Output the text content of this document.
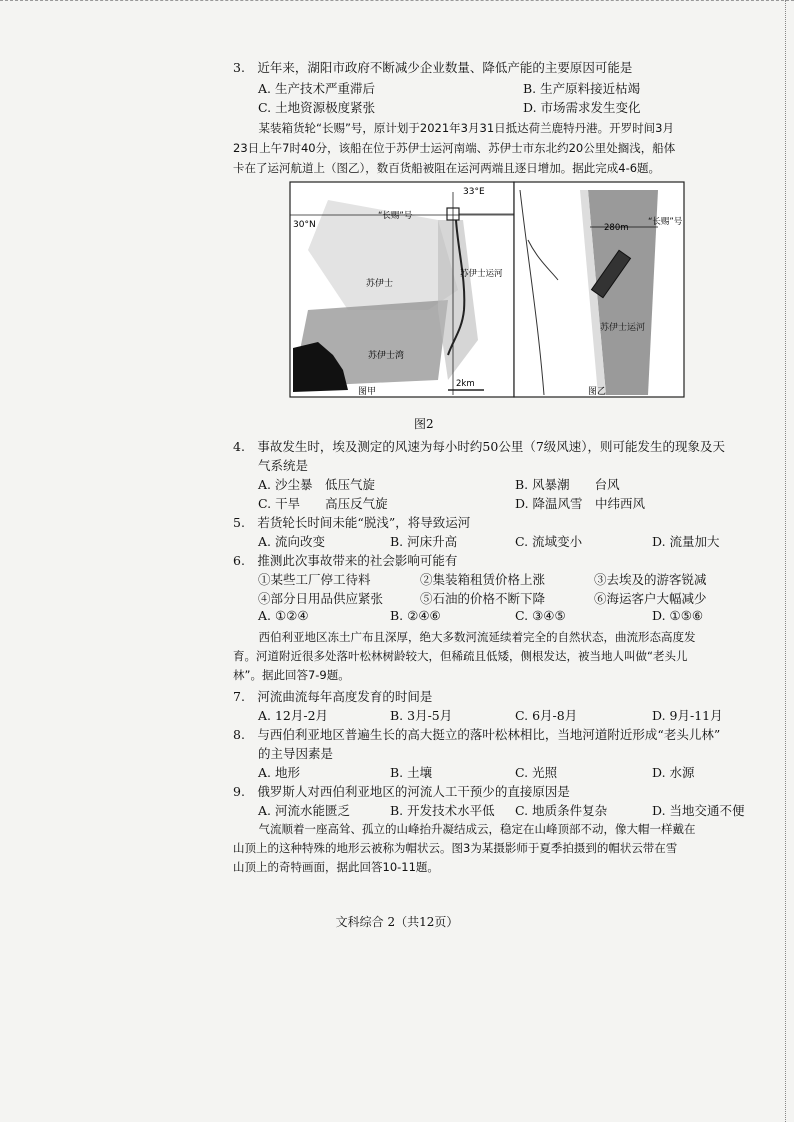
3.　近年来，湖阳市政府不断减少企业数量、降低产能的主要原因可能是
A. 生产技术严重滞后	B. 生产原料接近枯竭
C. 土地资源极度紧张	D. 市场需求发生变化
　某装箱货轮“长赐”号，原计划于2021年3月31日抵达荷兰鹿特丹港。开罗时间3月
23日上午7时40分，该船在位于苏伊士运河南端、苏伊士市东北约20公里处搁浅，船体
卡在了运河航道上（图乙），数百货船被阻在运河两端且逐日增加。据此完成4-6题。
33°E
30°N
“长赐”号
苏伊士
苏伊士运河
苏伊士湾
2km
图甲
280m
“长赐”号
苏伊士运河
图乙
图2
4.　事故发生时，埃及测定的风速为每小时约50公里（7级风速），则可能发生的现象及天
气系统是
A. 沙尘暴　低压气旋	B. 风暴潮　　台风
C. 干旱　　高压反气旋	D. 降温风雪　中纬西风
5.　若货轮长时间未能“脱浅”，将导致运河
A. 流向改变	B. 河床升高	C. 流域变小	D. 流量加大
6.　推测此次事故带来的社会影响可能有
①某些工厂停工待料	②集装箱租赁价格上涨	③去埃及的游客锐减
④部分日用品供应紧张	⑤石油的价格不断下降	⑥海运客户大幅减少
A. ①②④	B. ②④⑥	C. ③④⑤	D. ①⑤⑥
　西伯利亚地区冻土广布且深厚，绝大多数河流延续着完全的自然状态，曲流形态高度发
育。河道附近很多处落叶松林树龄较大，但稀疏且低矮，侧根发达，被当地人叫做“老头儿
林”。据此回答7-9题。
7.　河流曲流每年高度发育的时间是
A. 12月-2月	B. 3月-5月	C. 6月-8月	D. 9月-11月
8.　与西伯利亚地区普遍生长的高大挺立的落叶松林相比，当地河道附近形成“老头儿林”
的主导因素是
A. 地形	B. 土壤	C. 光照	D. 水源
9.　俄罗斯人对西伯利亚地区的河流人工干预少的直接原因是
A. 河流水能匮乏	B. 开发技术水平低 C. 地质条件复杂	D. 当地交通不便
　气流顺着一座高耸、孤立的山峰抬升凝结成云，稳定在山峰顶部不动，像大帽一样戴在
山顶上的这种特殊的地形云被称为帽状云。图3为某摄影师于夏季拍摄到的帽状云带在雪
山顶上的奇特画面，据此回答10-11题。
文科综合 2（共12页）
